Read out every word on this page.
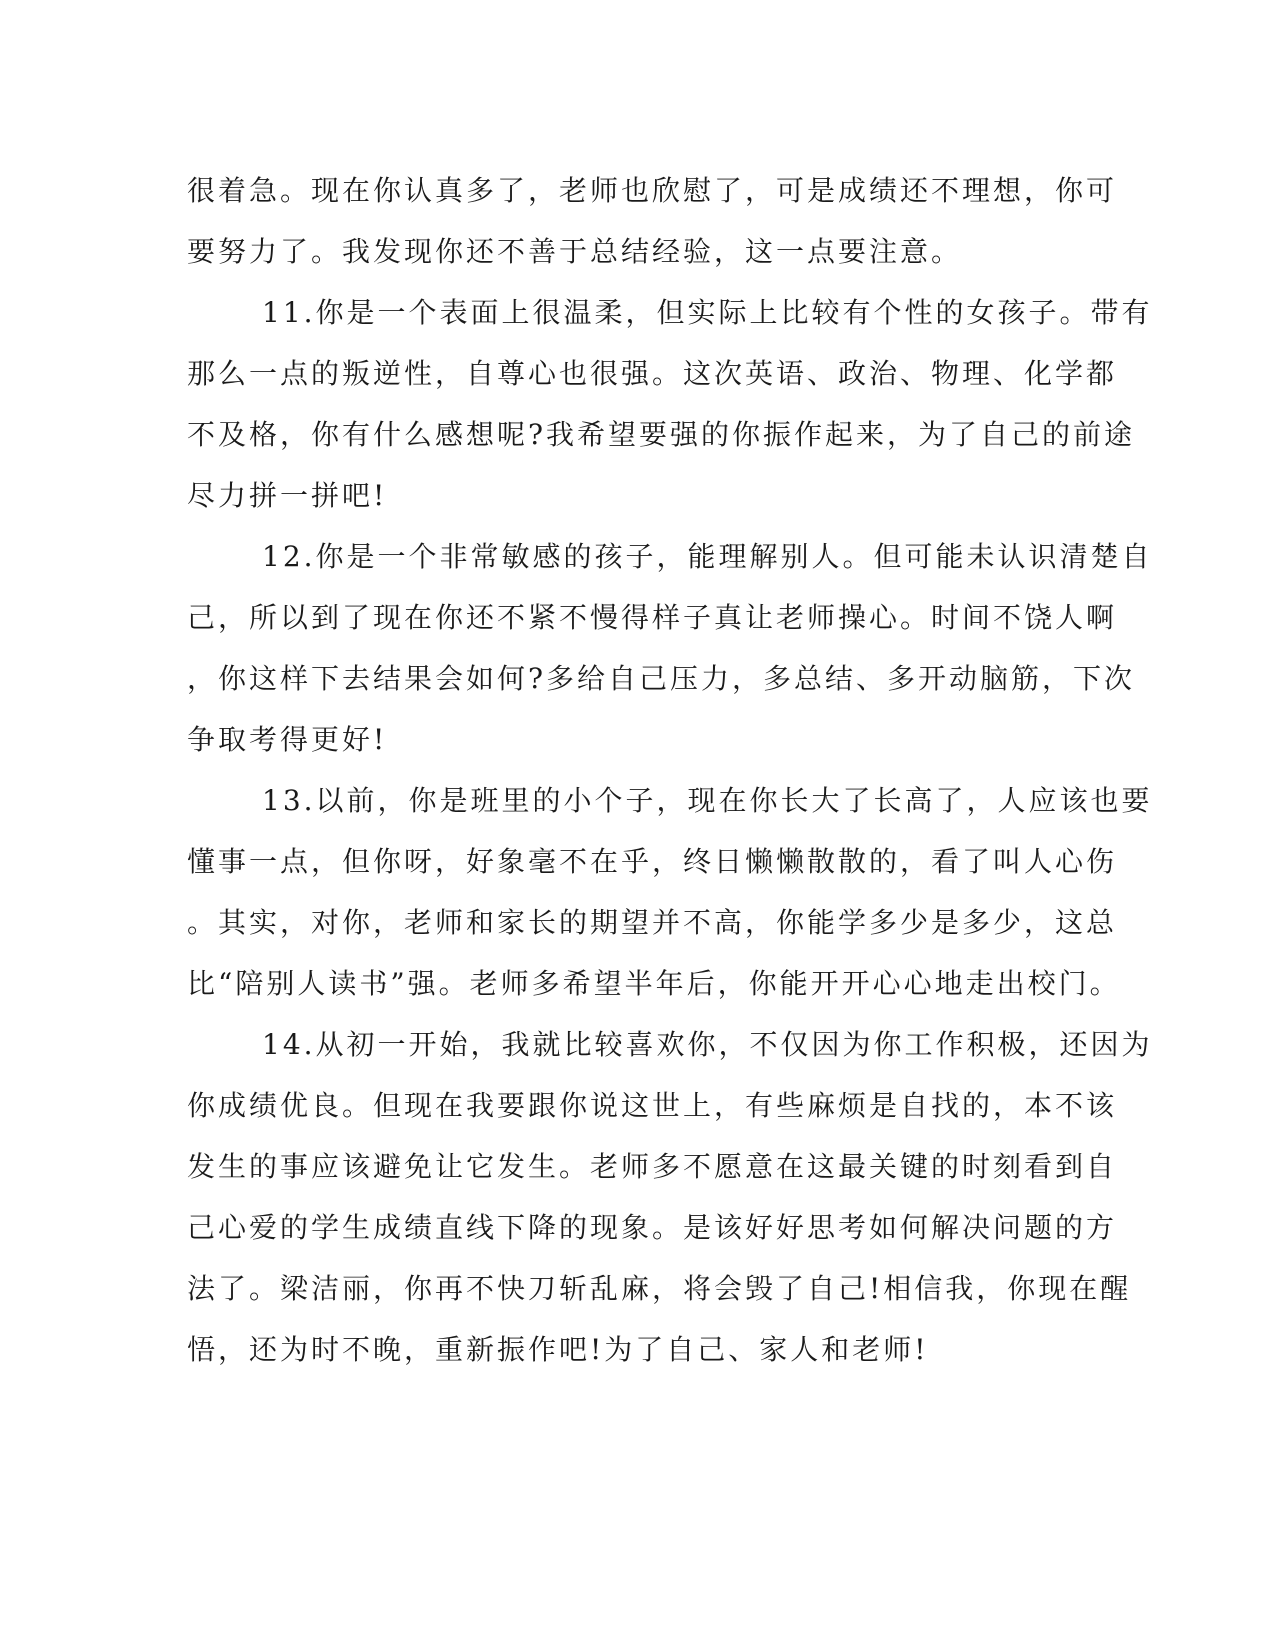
很着急。现在你认真多了，老师也欣慰了，可是成绩还不理想，你可
要努力了。我发现你还不善于总结经验，这一点要注意。
11.你是一个表面上很温柔，但实际上比较有个性的女孩子。带有
那么一点的叛逆性，自尊心也很强。这次英语、政治、物理、化学都
不及格，你有什么感想呢?我希望要强的你振作起来，为了自己的前途
尽力拼一拼吧!
12.你是一个非常敏感的孩子，能理解别人。但可能未认识清楚自
己，所以到了现在你还不紧不慢得样子真让老师操心。时间不饶人啊
，你这样下去结果会如何?多给自己压力，多总结、多开动脑筋，下次
争取考得更好!
13.以前，你是班里的小个子，现在你长大了长高了，人应该也要
懂事一点，但你呀，好象毫不在乎，终日懒懒散散的，看了叫人心伤
。其实，对你，老师和家长的期望并不高，你能学多少是多少，这总
比“陪别人读书”强。老师多希望半年后，你能开开心心地走出校门。
14.从初一开始，我就比较喜欢你，不仅因为你工作积极，还因为
你成绩优良。但现在我要跟你说这世上，有些麻烦是自找的，本不该
发生的事应该避免让它发生。老师多不愿意在这最关键的时刻看到自
己心爱的学生成绩直线下降的现象。是该好好思考如何解决问题的方
法了。梁洁丽，你再不快刀斩乱麻，将会毁了自己!相信我，你现在醒
悟，还为时不晚，重新振作吧!为了自己、家人和老师!
